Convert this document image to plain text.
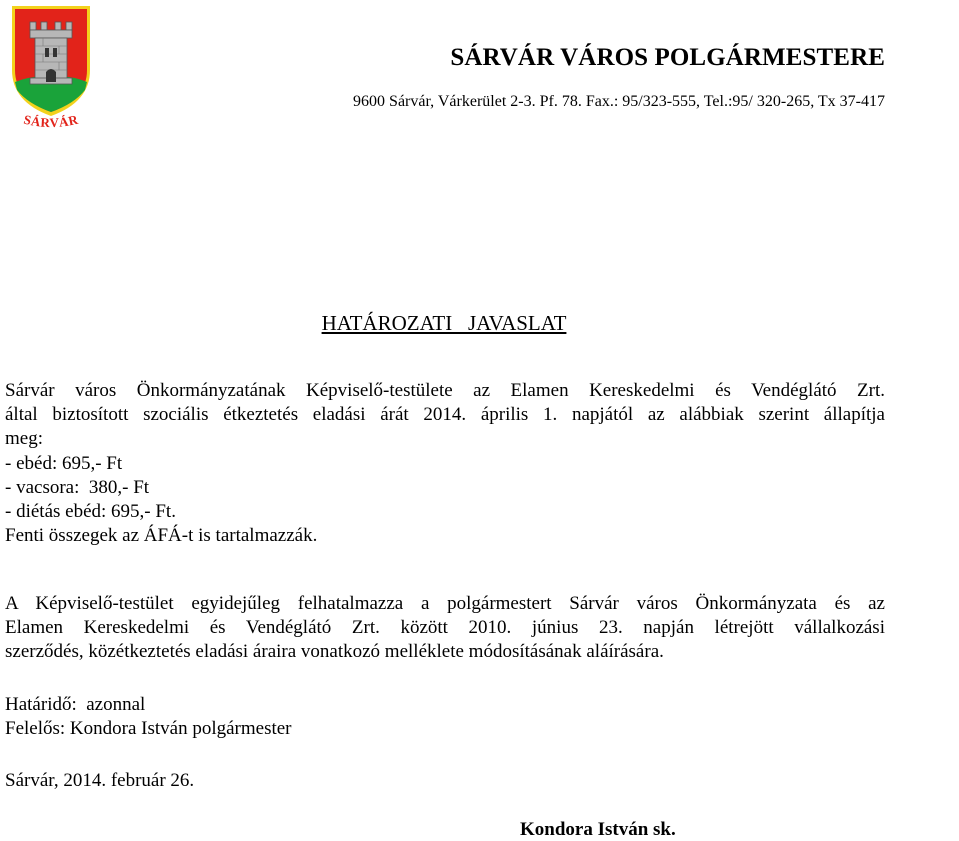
SÁRVÁR
SÁRVÁR VÁROS POLGÁRMESTERE
9600 Sárvár, Várkerület 2-3. Pf. 78. Fax.: 95/323-555, Tel.:95/ 320-265, Tx 37-417
HATÁROZATI   JAVASLAT
Sárvár város Önkormányzatának Képviselő-testülete az Elamen Kereskedelmi és Vendéglátó Zrt.
által biztosított szociális étkeztetés eladási árát 2014. április 1. napjától az alábbiak szerint állapítja
meg:
- ebéd: 695,- Ft
- vacsora:  380,- Ft
- diétás ebéd: 695,- Ft.
Fenti összegek az ÁFÁ-t is tartalmazzák.
A Képviselő-testület egyidejűleg felhatalmazza a polgármestert Sárvár város Önkormányzata és az
Elamen Kereskedelmi és Vendéglátó Zrt. között 2010. június 23. napján létrejött vállalkozási
szerződés, közétkeztetés eladási áraira vonatkozó melléklete módosításának aláírására.
Határidő:  azonnal
Felelős: Kondora István polgármester
Sárvár, 2014. február 26.
Kondora István sk.
